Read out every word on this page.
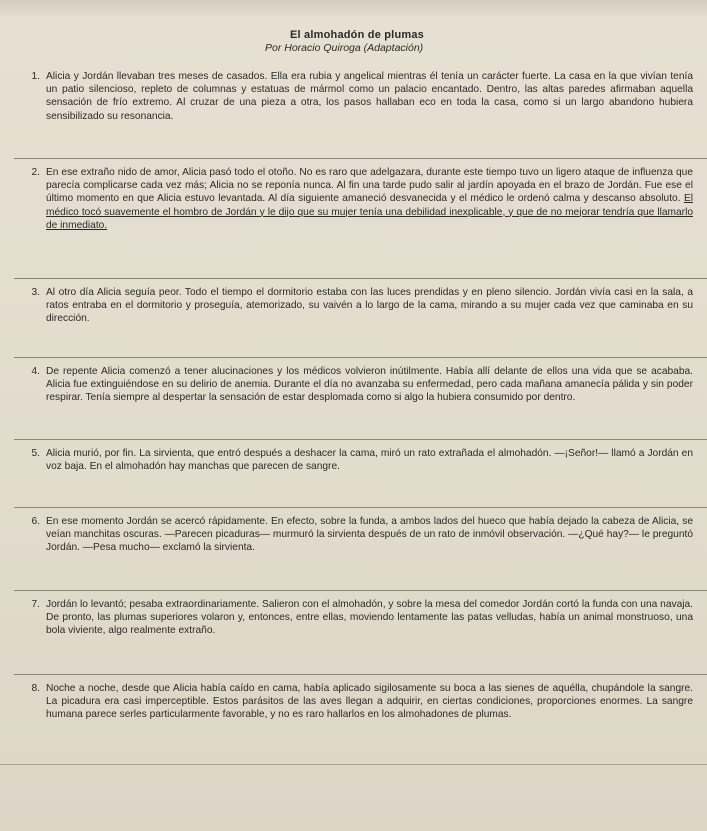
El almohadón de plumas
Por Horacio Quiroga (Adaptación)
1. Alicia y Jordán llevaban tres meses de casados. Ella era rubia y angelical mientras él tenía un carácter fuerte. La casa en la que vivían tenía un patio silencioso, repleto de columnas y estatuas de mármol como un palacio encantado. Dentro, las altas paredes afirmaban aquella sensación de frío extremo. Al cruzar de una pieza a otra, los pasos hallaban eco en toda la casa, como si un largo abandono hubiera sensibilizado su resonancia.
2. En ese extraño nido de amor, Alicia pasó todo el otoño. No es raro que adelgazara, durante este tiempo tuvo un ligero ataque de influenza que parecía complicarse cada vez más; Alicia no se reponía nunca. Al fin una tarde pudo salir al jardín apoyada en el brazo de Jordán. Fue ese el último momento en que Alicia estuvo levantada. Al día siguiente amaneció desvanecida y el médico le ordenó calma y descanso absoluto. El médico tocó suavemente el hombro de Jordán y le dijo que su mujer tenía una debilidad inexplicable, y que de no mejorar tendría que llamarlo de inmediato.
3. Al otro día Alicia seguía peor. Todo el tiempo el dormitorio estaba con las luces prendidas y en pleno silencio. Jordán vivía casi en la sala, a ratos entraba en el dormitorio y proseguía, atemorizado, su vaivén a lo largo de la cama, mirando a su mujer cada vez que caminaba en su dirección.
4. De repente Alicia comenzó a tener alucinaciones y los médicos volvieron inútilmente. Había allí delante de ellos una vida que se acababa. Alicia fue extinguiéndose en su delirio de anemia. Durante el día no avanzaba su enfermedad, pero cada mañana amanecía pálida y sin poder respirar. Tenía siempre al despertar la sensación de estar desplomada como si algo la hubiera consumido por dentro.
5. Alicia murió, por fin. La sirvienta, que entró después a deshacer la cama, miró un rato extrañada el almohadón. —¡Señor!— llamó a Jordán en voz baja. En el almohadón hay manchas que parecen de sangre.
6. En ese momento Jordán se acercó rápidamente. En efecto, sobre la funda, a ambos lados del hueco que había dejado la cabeza de Alicia, se veían manchitas oscuras. —Parecen picaduras— murmuró la sirvienta después de un rato de inmóvil observación. —¿Qué hay?— le preguntó Jordán. —Pesa mucho— exclamó la sirvienta.
7. Jordán lo levantó; pesaba extraordinariamente. Salieron con el almohadón, y sobre la mesa del comedor Jordán cortó la funda con una navaja. De pronto, las plumas superiores volaron y, entonces, entre ellas, moviendo lentamente las patas velludas, había un animal monstruoso, una bola viviente, algo realmente extraño.
8. Noche a noche, desde que Alicia había caído en cama, había aplicado sigilosamente su boca a las sienes de aquélla, chupándole la sangre. La picadura era casi imperceptible. Estos parásitos de las aves llegan a adquirir, en ciertas condiciones, proporciones enormes. La sangre humana parece serles particularmente favorable, y no es raro hallarlos en los almohadones de plumas.
